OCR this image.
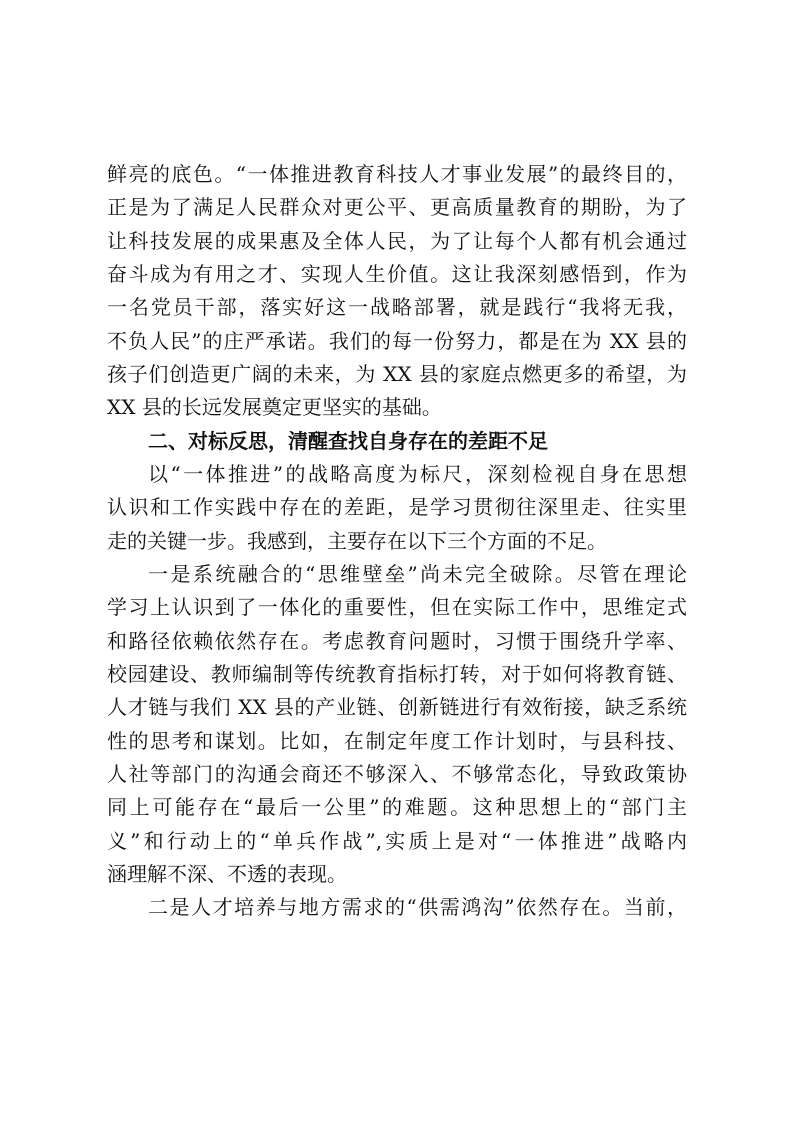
鲜亮的底色。“一体推进教育科技人才事业发展”的最终目的，
正是为了满足人民群众对更公平、更高质量教育的期盼，为了
让科技发展的成果惠及全体人民，为了让每个人都有机会通过
奋斗成为有用之才、实现人生价值。这让我深刻感悟到，作为
一名党员干部，落实好这一战略部署，就是践行“我将无我，
不负人民”的庄严承诺。我们的每一份努力，都是在为 XX 县的
孩子们创造更广阔的未来，为 XX 县的家庭点燃更多的希望，为
XX 县的长远发展奠定更坚实的基础。
二、对标反思，清醒查找自身存在的差距不足
以“一体推进”的战略高度为标尺，深刻检视自身在思想
认识和工作实践中存在的差距，是学习贯彻往深里走、往实里
走的关键一步。我感到，主要存在以下三个方面的不足。
一是系统融合的“思维壁垒”尚未完全破除。尽管在理论
学习上认识到了一体化的重要性，但在实际工作中，思维定式
和路径依赖依然存在。考虑教育问题时，习惯于围绕升学率、
校园建设、教师编制等传统教育指标打转，对于如何将教育链、
人才链与我们 XX 县的产业链、创新链进行有效衔接，缺乏系统
性的思考和谋划。比如，在制定年度工作计划时，与县科技、
人社等部门的沟通会商还不够深入、不够常态化，导致政策协
同上可能存在“最后一公里”的难题。这种思想上的“部门主
义”和行动上的“单兵作战”,实质上是对“一体推进”战略内
涵理解不深、不透的表现。
二是人才培养与地方需求的“供需鸿沟”依然存在。当前，
